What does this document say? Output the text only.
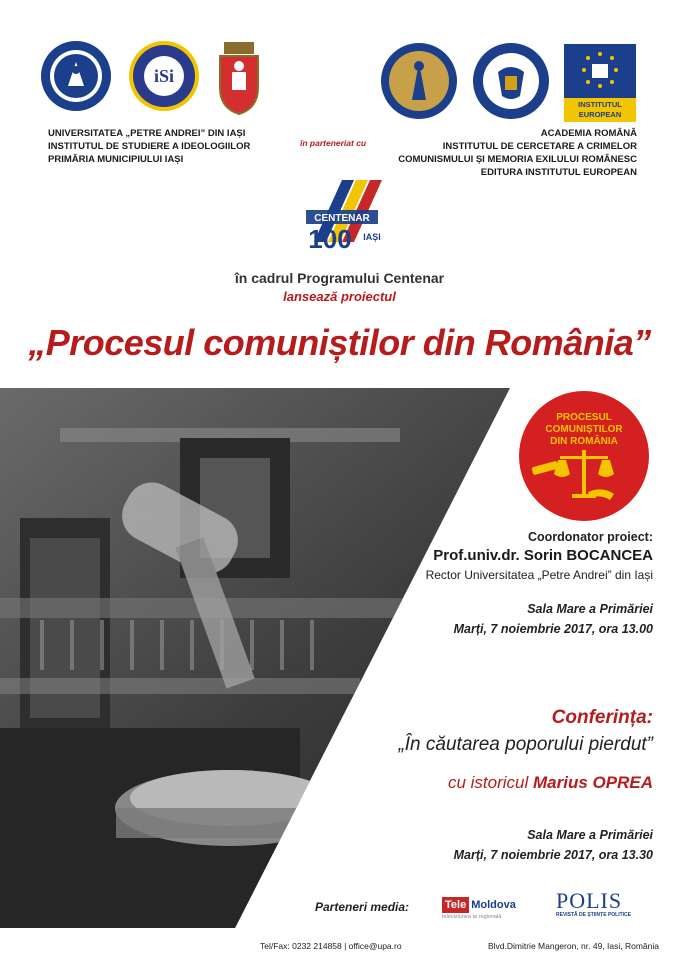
iSi
UNIVERSITATEA „PETRE ANDREI” DIN IAȘI
INSTITUTUL DE STUDIERE A IDEOLOGIILOR
PRIMĂRIA MUNICIPIULUI IAȘI
în parteneriat cu
INSTITUTUL EUROPEAN
ACADEMIA ROMÂNĂ
INSTITUTUL DE CERCETARE A CRIMELOR
COMUNISMULUI ȘI MEMORIA EXILULUI ROMÂNESC
EDITURA INSTITUTUL EUROPEAN
CENTENAR
100 IAȘI
în cadrul Programului Centenar
lansează proiectul
„Procesul comuniștilor din România”
PROCESUL
COMUNIȘTILOR
DIN ROMÂNIA
Coordonator proiect:
Prof.univ.dr. Sorin BOCANCEA
Rector Universitatea „Petre Andrei” din Iași
Sala Mare a Primăriei
Marți, 7 noiembrie 2017, ora 13.00
Conferința:
„În căutarea poporului pierdut”
cu istoricul Marius OPREA
Sala Mare a Primăriei
Marți, 7 noiembrie 2017, ora 13.30
Parteneri media:	Tele Moldova
televiziunea ta regională
POLIS
REVISTĂ DE ȘTIINȚE POLITICE
Tel/Fax: 0232 214858 | office@upa.ro	Blvd.Dimitrie Mangeron, nr. 49, Iasi, România
